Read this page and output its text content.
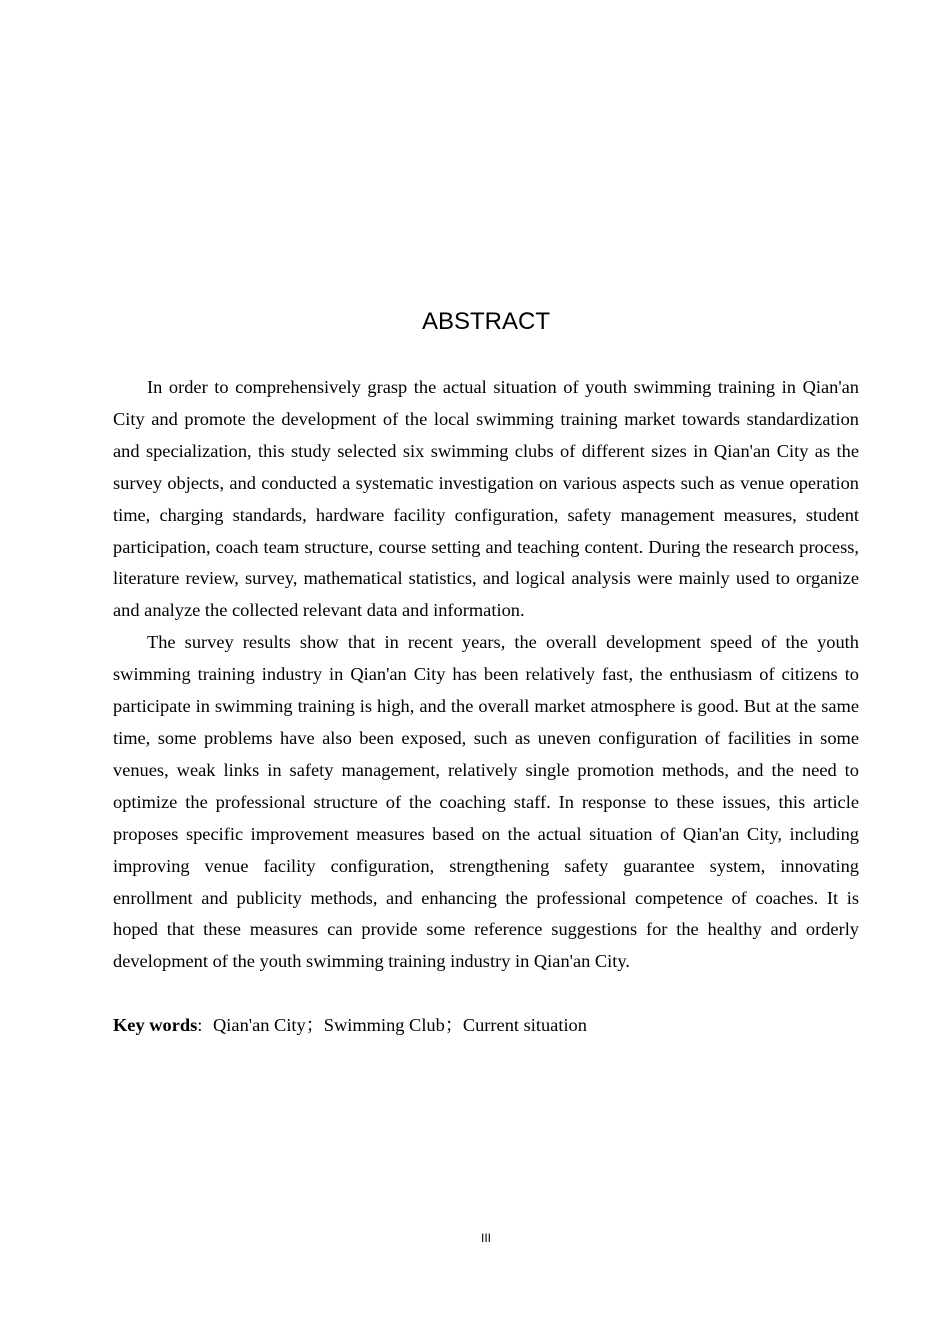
ABSTRACT

In order to comprehensively grasp the actual situation of youth swimming training in Qian'an City and promote the development of the local swimming training market towards standardization and specialization, this study selected six swimming clubs of different sizes in Qian'an City as the survey objects, and conducted a systematic investigation on various aspects such as venue operation time, charging standards, hardware facility configuration, safety management measures, student participation, coach team structure, course setting and teaching content. During the research process, literature review, survey, mathematical statistics, and logical analysis were mainly used to organize and analyze the collected relevant data and information.

The survey results show that in recent years, the overall development speed of the youth swimming training industry in Qian'an City has been relatively fast, the enthusiasm of citizens to participate in swimming training is high, and the overall market atmosphere is good. But at the same time, some problems have also been exposed, such as uneven configuration of facilities in some venues, weak links in safety management, relatively single promotion methods, and the need to optimize the professional structure of the coaching staff. In response to these issues, this article proposes specific improvement measures based on the actual situation of Qian'an City, including improving venue facility configuration, strengthening safety guarantee system, innovating enrollment and publicity methods, and enhancing the professional competence of coaches. It is hoped that these measures can provide some reference suggestions for the healthy and orderly development of the youth swimming training industry in Qian'an City.

Key words: Qian'an City；Swimming Club；Current situation
III
